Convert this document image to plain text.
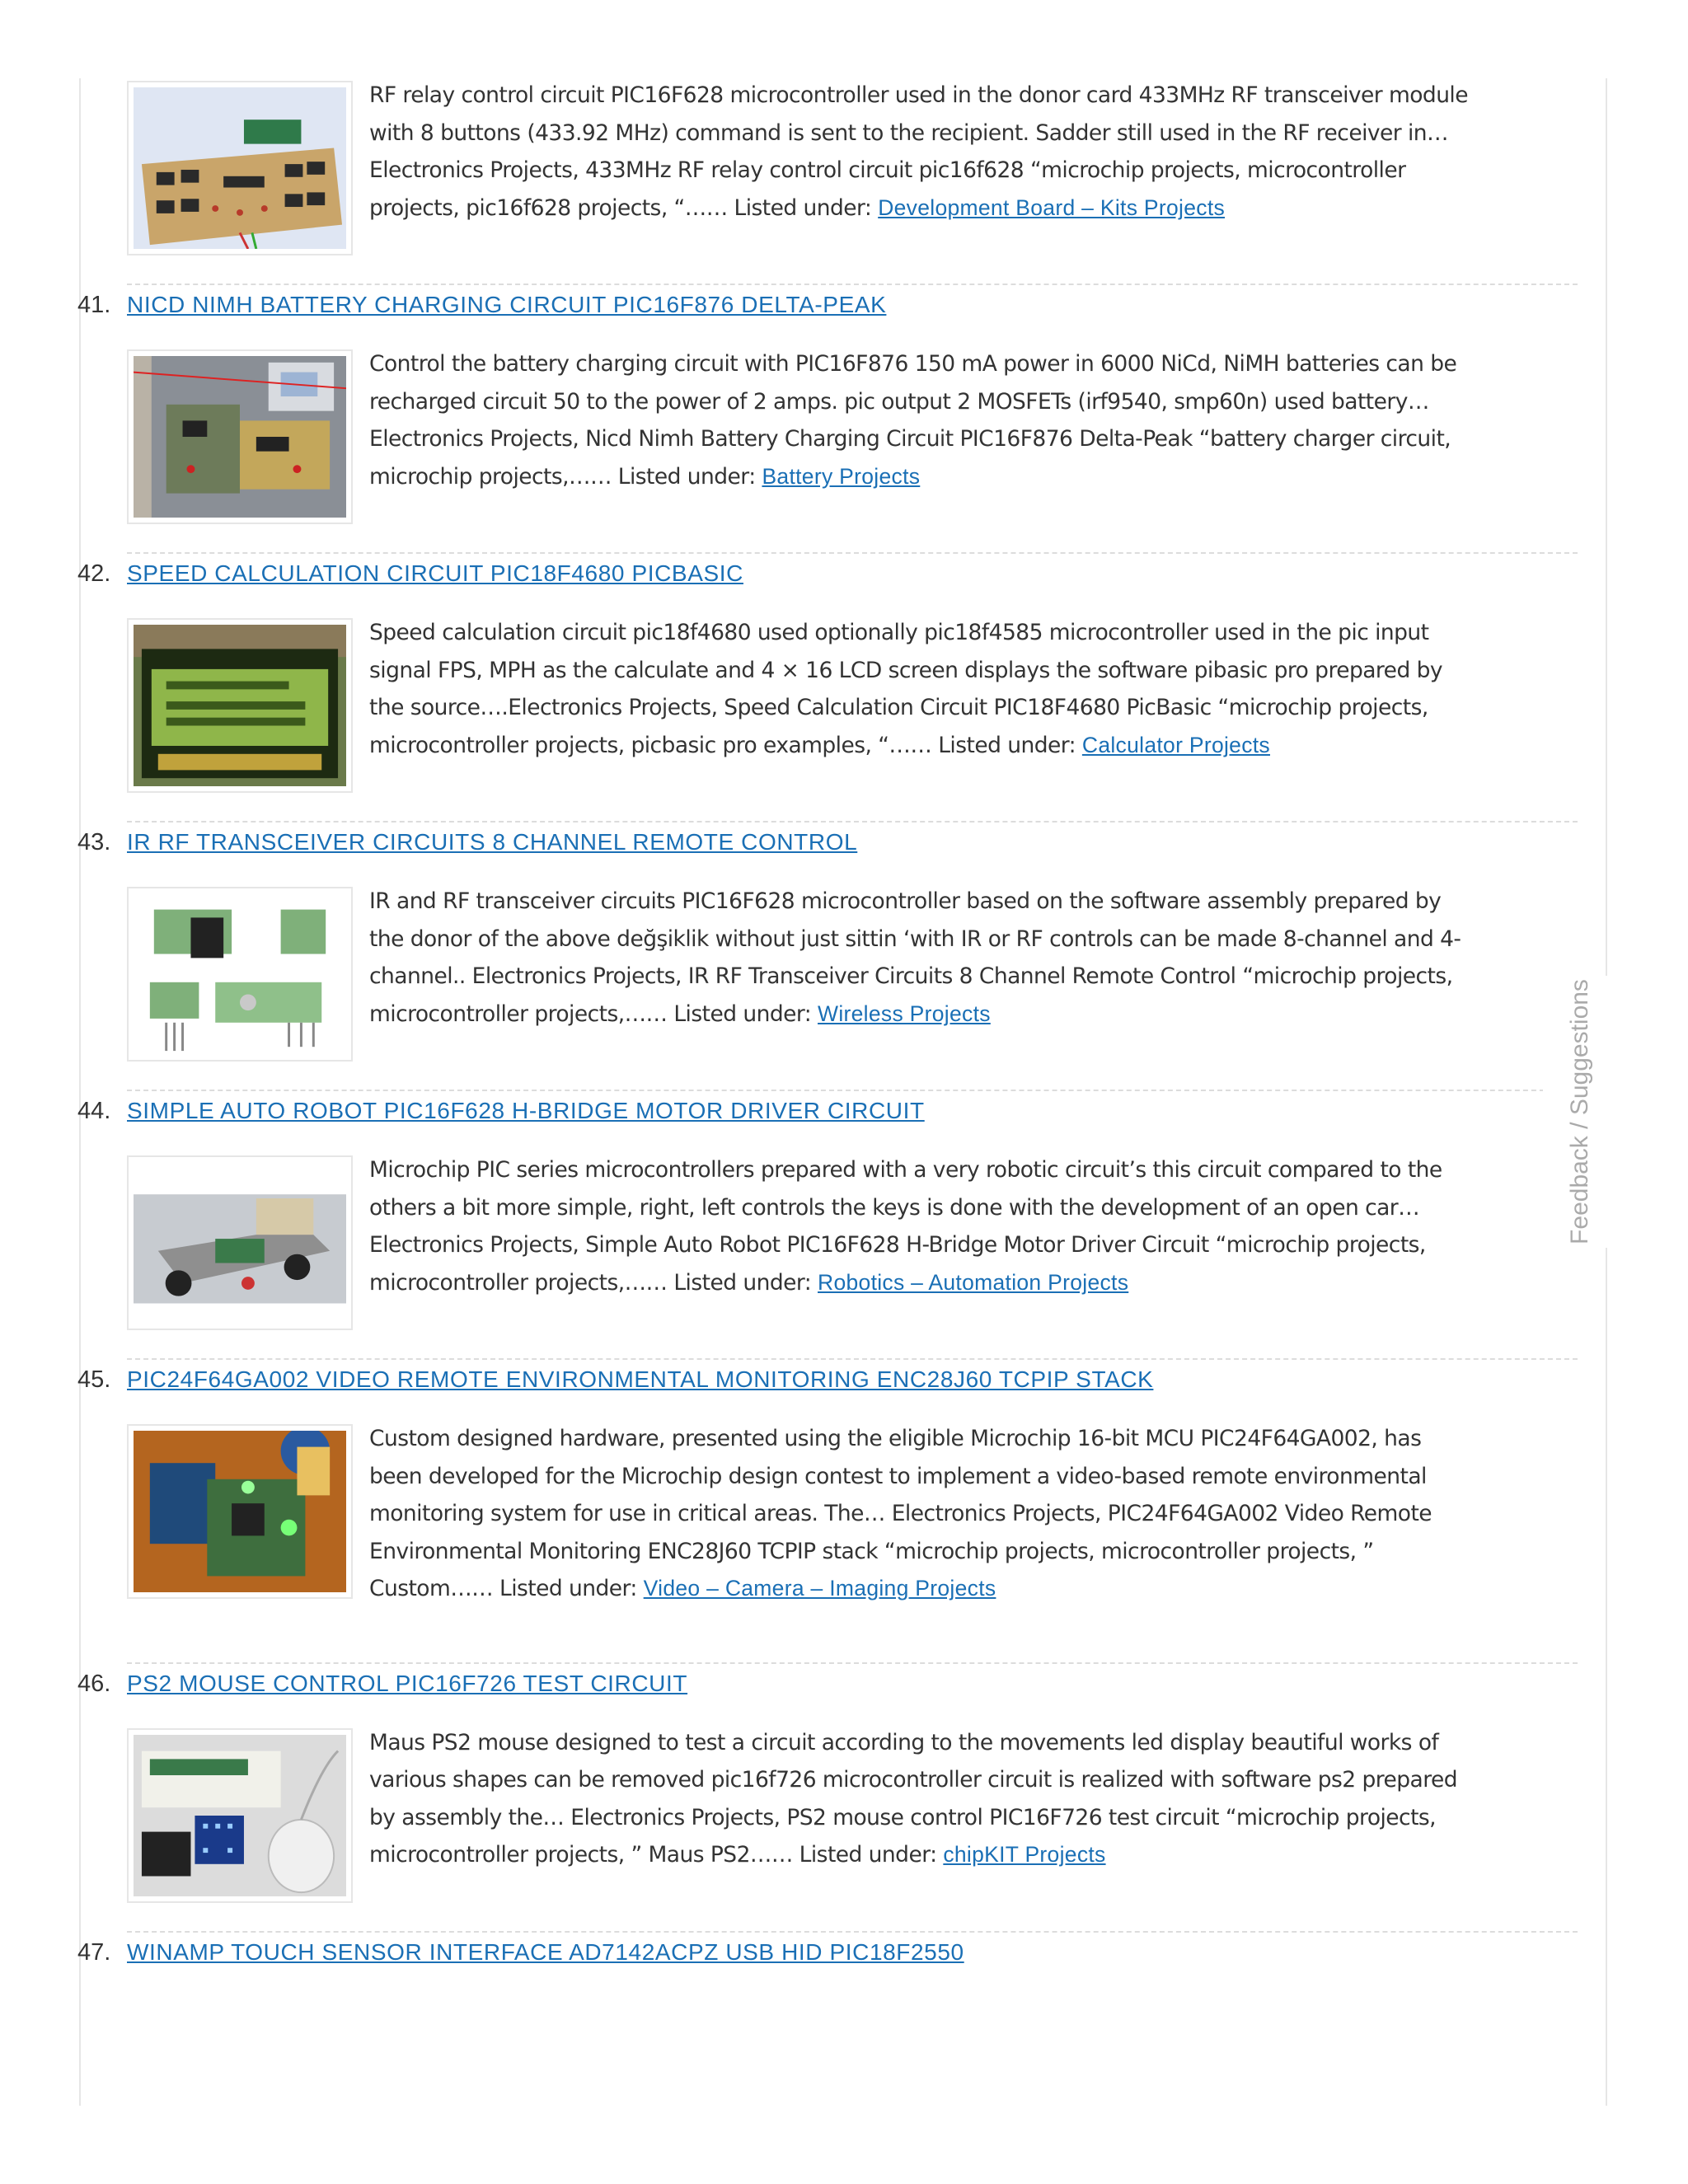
RF relay control circuit PIC16F628 microcontroller used in the donor card 433MHz RF transceiver module with 8 buttons (433.92 MHz) command is sent to the recipient. Sadder still used in the RF receiver in… Electronics Projects, 433MHz RF relay control circuit pic16f628 “microchip projects, microcontroller projects, pic16f628 projects, “…… Listed under: Development Board – Kits Projects
41. NICD NIMH BATTERY CHARGING CIRCUIT PIC16F876 DELTA-PEAK
Control the battery charging circuit with PIC16F876 150 mA power in 6000 NiCd, NiMH batteries can be recharged circuit 50 to the power of 2 amps. pic output 2 MOSFETs (irf9540, smp60n) used battery… Electronics Projects, Nicd Nimh Battery Charging Circuit PIC16F876 Delta-Peak “battery charger circuit, microchip projects,…… Listed under: Battery Projects
42. SPEED CALCULATION CIRCUIT PIC18F4680 PICBASIC
Speed calculation circuit pic18f4680 used optionally pic18f4585 microcontroller used in the pic input signal FPS, MPH as the calculate and 4 × 16 LCD screen displays the software pibasic pro prepared by the source….Electronics Projects, Speed Calculation Circuit PIC18F4680 PicBasic “microchip projects, microcontroller projects, picbasic pro examples, “…… Listed under: Calculator Projects
43. IR RF TRANSCEIVER CIRCUITS 8 CHANNEL REMOTE CONTROL
IR and RF transceiver circuits PIC16F628 microcontroller based on the software assembly prepared by the donor of the above değşiklik without just sittin ‘with IR or RF controls can be made 8-channel and 4-channel.. Electronics Projects, IR RF Transceiver Circuits 8 Channel Remote Control “microchip projects, microcontroller projects,…… Listed under: Wireless Projects
44. SIMPLE AUTO ROBOT PIC16F628 H-BRIDGE MOTOR DRIVER CIRCUIT
Microchip PIC series microcontrollers prepared with a very robotic circuit’s this circuit compared to the others a bit more simple, right, left controls the keys is done with the development of an open car… Electronics Projects, Simple Auto Robot PIC16F628 H-Bridge Motor Driver Circuit “microchip projects, microcontroller projects,…… Listed under: Robotics – Automation Projects
45. PIC24F64GA002 VIDEO REMOTE ENVIRONMENTAL MONITORING ENC28J60 TCPIP STACK
Custom designed hardware, presented using the eligible Microchip 16-bit MCU PIC24F64GA002, has been developed for the Microchip design contest to implement a video-based remote environmental monitoring system for use in critical areas. The… Electronics Projects, PIC24F64GA002 Video Remote Environmental Monitoring ENC28J60 TCPIP stack “microchip projects, microcontroller projects, ” Custom…… Listed under: Video – Camera – Imaging Projects
46. PS2 MOUSE CONTROL PIC16F726 TEST CIRCUIT
Maus PS2 mouse designed to test a circuit according to the movements led display beautiful works of various shapes can be removed pic16f726 microcontroller circuit is realized with software ps2 prepared by assembly the… Electronics Projects, PS2 mouse control PIC16F726 test circuit “microchip projects, microcontroller projects, ” Maus PS2…… Listed under: chipKIT Projects
47. WINAMP TOUCH SENSOR INTERFACE AD7142ACPZ USB HID PIC18F2550
Feedback / Suggestions
